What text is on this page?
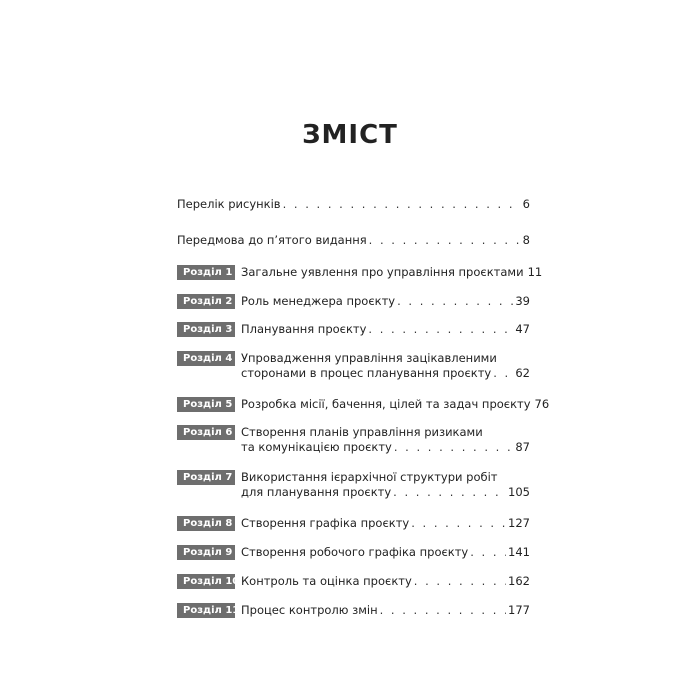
ЗМІСТ
Перелік рисунків . . .	6
Передмова до п’ятого видання . . .	8
Розділ 1 Загальне уявлення про управління проєктами 11
Розділ 2 Роль менеджера проєкту . . .	39
Розділ 3 Планування проєкту . . .	47
Розділ 4 Упровадження управління зацікавленими
сторонами в процес планування проєкту . . . 62
Розділ 5 Розробка місії, бачення, цілей та задач проєкту 76
Розділ 6 Створення планів управління ризиками
та комунікацією проєкту . . .	87
Розділ 7 Використання ієрархічної структури робіт
для планування проєкту . . .	105
Розділ 8 Створення графіка проєкту . . .	127
Розділ 9 Створення робочого графіка проєкту . . .	141
Розділ 10 Контроль та оцінка проєкту . . .	162
Розділ 11 Процес контролю змін . . .	177
